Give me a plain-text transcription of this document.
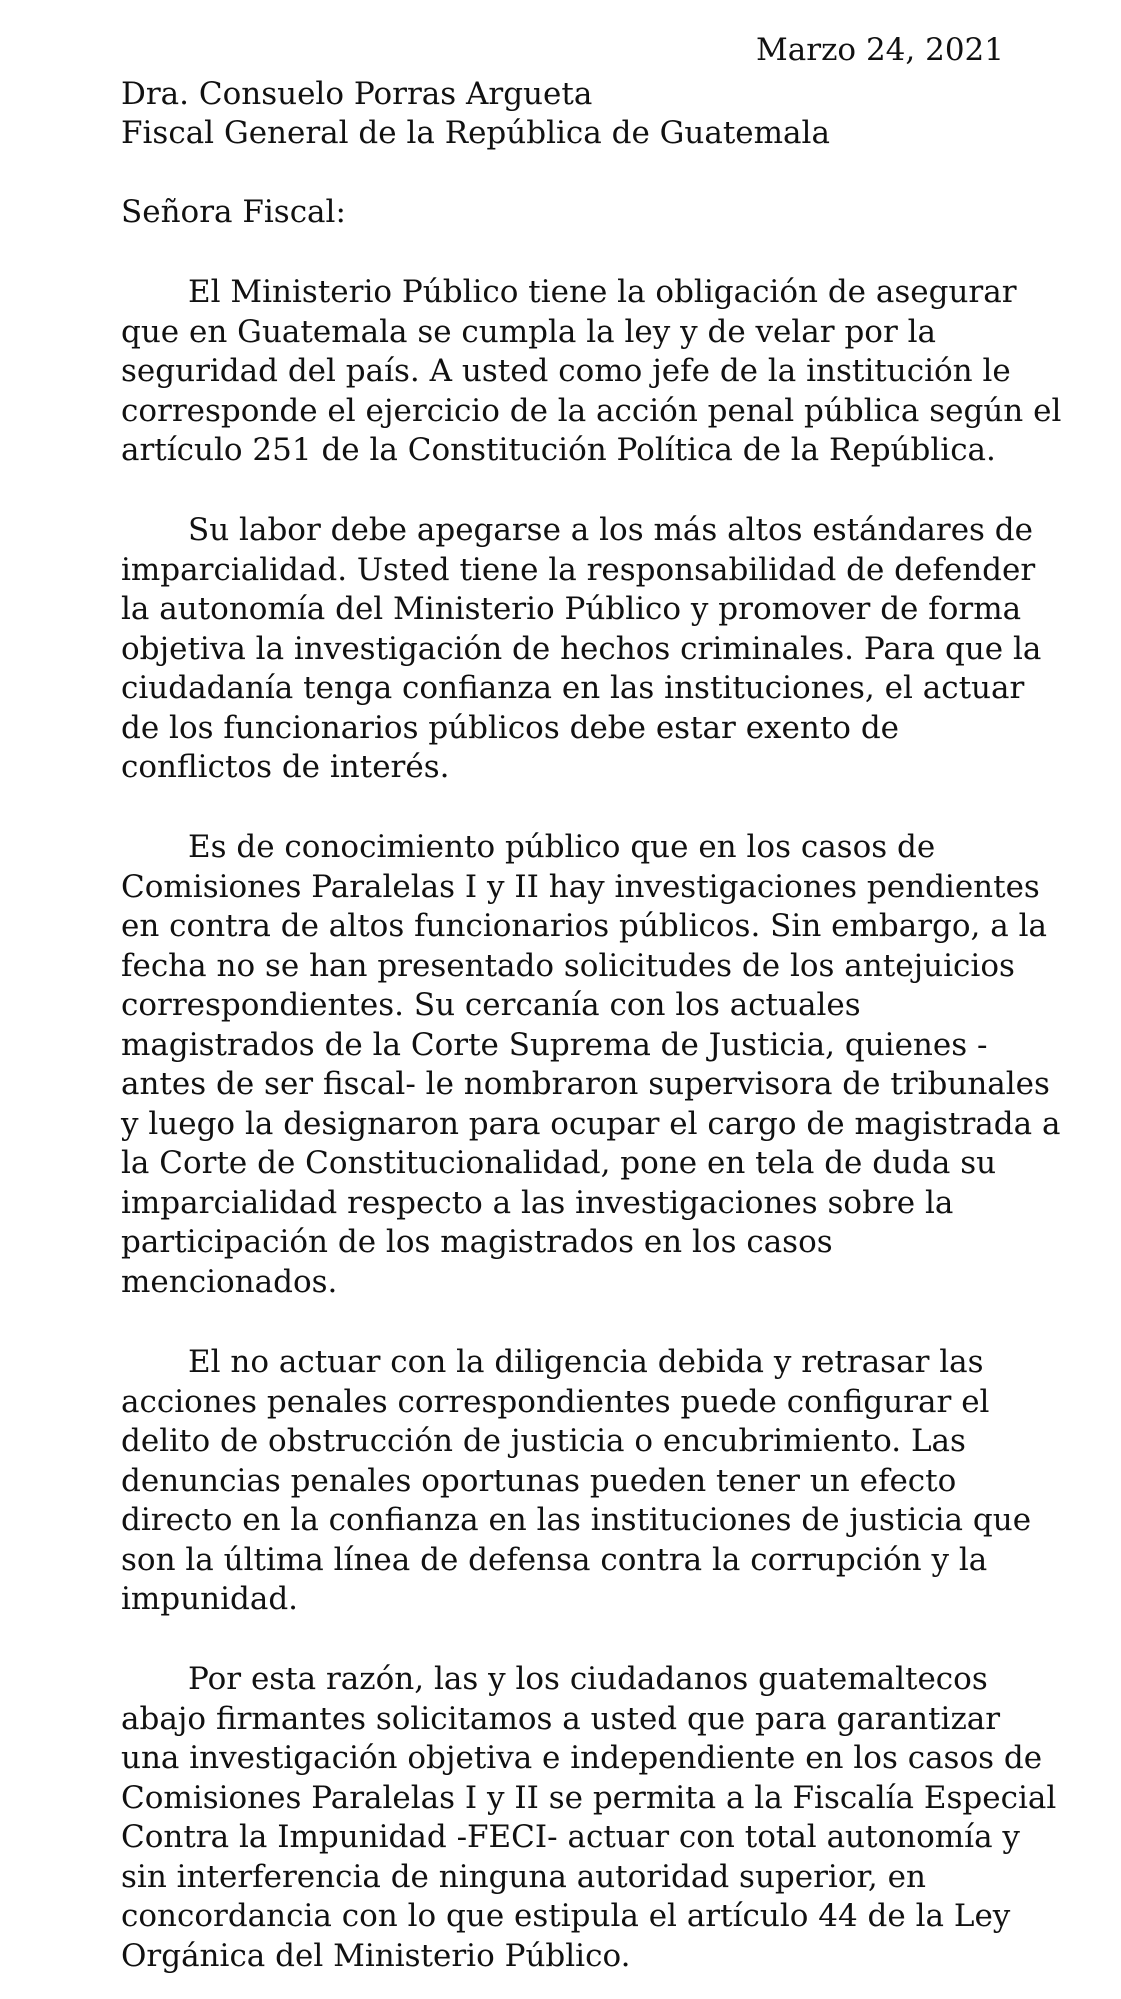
Marzo 24, 2021
Dra. Consuelo Porras Argueta
Fiscal General de la República de Guatemala
Señora Fiscal:
El Ministerio Público tiene la obligación de asegurar
que en Guatemala se cumpla la ley y de velar por la
seguridad del país. A usted como jefe de la institución le
corresponde el ejercicio de la acción penal pública según el
artículo 251 de la Constitución Política de la República.
Su labor debe apegarse a los más altos estándares de
imparcialidad. Usted tiene la responsabilidad de defender
la autonomía del Ministerio Público y promover de forma
objetiva la investigación de hechos criminales. Para que la
ciudadanía tenga confianza en las instituciones, el actuar
de los funcionarios públicos debe estar exento de
conflictos de interés.
Es de conocimiento público que en los casos de
Comisiones Paralelas I y II hay investigaciones pendientes
en contra de altos funcionarios públicos. Sin embargo, a la
fecha no se han presentado solicitudes de los antejuicios
correspondientes. Su cercanía con los actuales
magistrados de la Corte Suprema de Justicia, quienes -
antes de ser fiscal- le nombraron supervisora de tribunales
y luego la designaron para ocupar el cargo de magistrada a
la Corte de Constitucionalidad, pone en tela de duda su
imparcialidad respecto a las investigaciones sobre la
participación de los magistrados en los casos
mencionados.
El no actuar con la diligencia debida y retrasar las
acciones penales correspondientes puede configurar el
delito de obstrucción de justicia o encubrimiento. Las
denuncias penales oportunas pueden tener un efecto
directo en la confianza en las instituciones de justicia que
son la última línea de defensa contra la corrupción y la
impunidad.
Por esta razón, las y los ciudadanos guatemaltecos
abajo firmantes solicitamos a usted que para garantizar
una investigación objetiva e independiente en los casos de
Comisiones Paralelas I y II se permita a la Fiscalía Especial
Contra la Impunidad -FECI- actuar con total autonomía y
sin interferencia de ninguna autoridad superior, en
concordancia con lo que estipula el artículo 44 de la Ley
Orgánica del Ministerio Público.
